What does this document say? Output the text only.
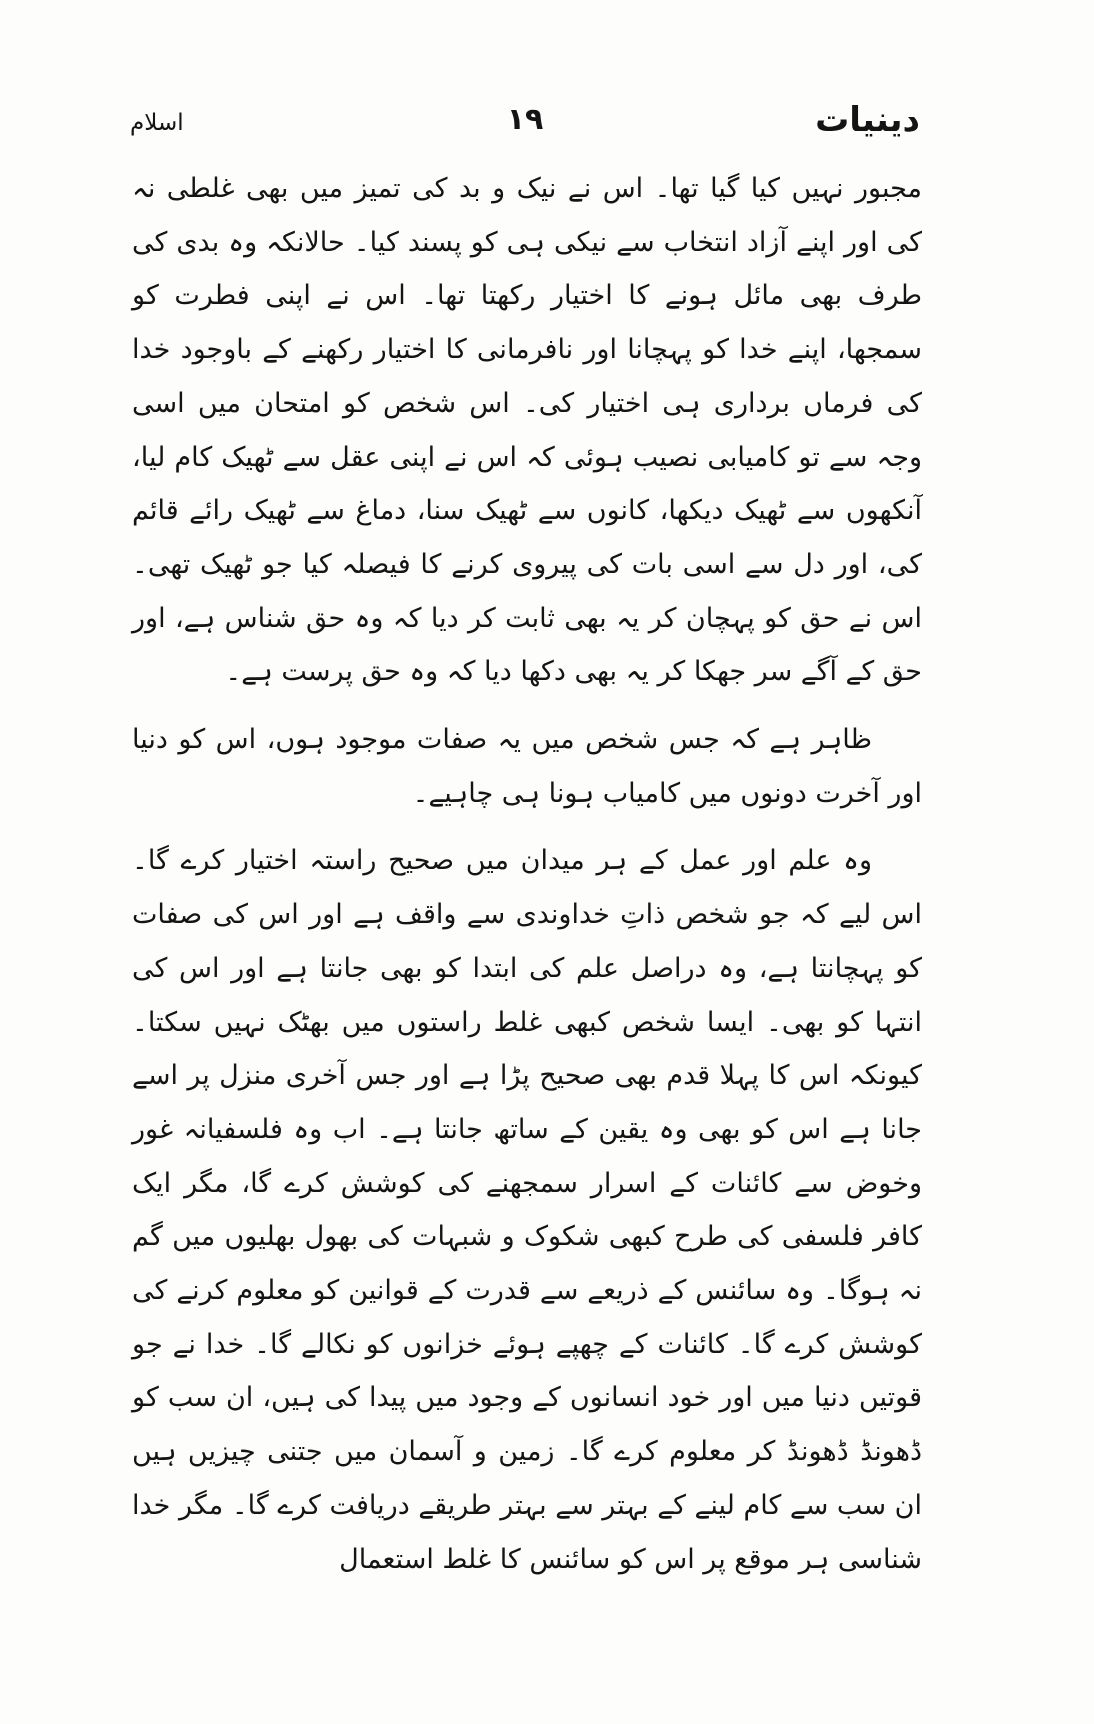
دینیات
۱۹
اسلام

مجبور نہیں کیا گیا تھا۔ اس نے نیک و بد کی تمیز میں بھی غلطی نہ کی اور اپنے آزاد انتخاب سے نیکی ہی کو پسند کیا۔ حالانکہ وہ بدی کی طرف بھی مائل ہونے کا اختیار رکھتا تھا۔ اس نے اپنی فطرت کو سمجھا، اپنے خدا کو پہچانا اور نافرمانی کا اختیار رکھنے کے باوجود خدا کی فرماں برداری ہی اختیار کی۔ اس شخص کو امتحان میں اسی وجہ سے تو کامیابی نصیب ہوئی کہ اس نے اپنی عقل سے ٹھیک کام لیا، آنکھوں سے ٹھیک دیکھا، کانوں سے ٹھیک سنا، دماغ سے ٹھیک رائے قائم کی، اور دل سے اسی بات کی پیروی کرنے کا فیصلہ کیا جو ٹھیک تھی۔ اس نے حق کو پہچان کر یہ بھی ثابت کر دیا کہ وہ حق شناس ہے، اور حق کے آگے سر جھکا کر یہ بھی دکھا دیا کہ وہ حق پرست ہے۔

ظاہر ہے کہ جس شخص میں یہ صفات موجود ہوں، اس کو دنیا اور آخرت دونوں میں کامیاب ہونا ہی چاہیے۔

وہ علم اور عمل کے ہر میدان میں صحیح راستہ اختیار کرے گا۔ اس لیے کہ جو شخص ذاتِ خداوندی سے واقف ہے اور اس کی صفات کو پہچانتا ہے، وہ دراصل علم کی ابتدا کو بھی جانتا ہے اور اس کی انتہا کو بھی۔ ایسا شخص کبھی غلط راستوں میں بھٹک نہیں سکتا۔ کیونکہ اس کا پہلا قدم بھی صحیح پڑا ہے اور جس آخری منزل پر اسے جانا ہے اس کو بھی وہ یقین کے ساتھ جانتا ہے۔ اب وہ فلسفیانہ غور وخوض سے کائنات کے اسرار سمجھنے کی کوشش کرے گا، مگر ایک کافر فلسفی کی طرح کبھی شکوک و شبہات کی بھول بھلیوں میں گم نہ ہوگا۔ وہ سائنس کے ذریعے سے قدرت کے قوانین کو معلوم کرنے کی کوشش کرے گا۔ کائنات کے چھپے ہوئے خزانوں کو نکالے گا۔ خدا نے جو قوتیں دنیا میں اور خود انسانوں کے وجود میں پیدا کی ہیں، ان سب کو ڈھونڈ ڈھونڈ کر معلوم کرے گا۔ زمین و آسمان میں جتنی چیزیں ہیں ان سب سے کام لینے کے بہتر سے بہتر طریقے دریافت کرے گا۔ مگر خدا شناسی ہر موقع پر اس کو سائنس کا غلط استعمال
